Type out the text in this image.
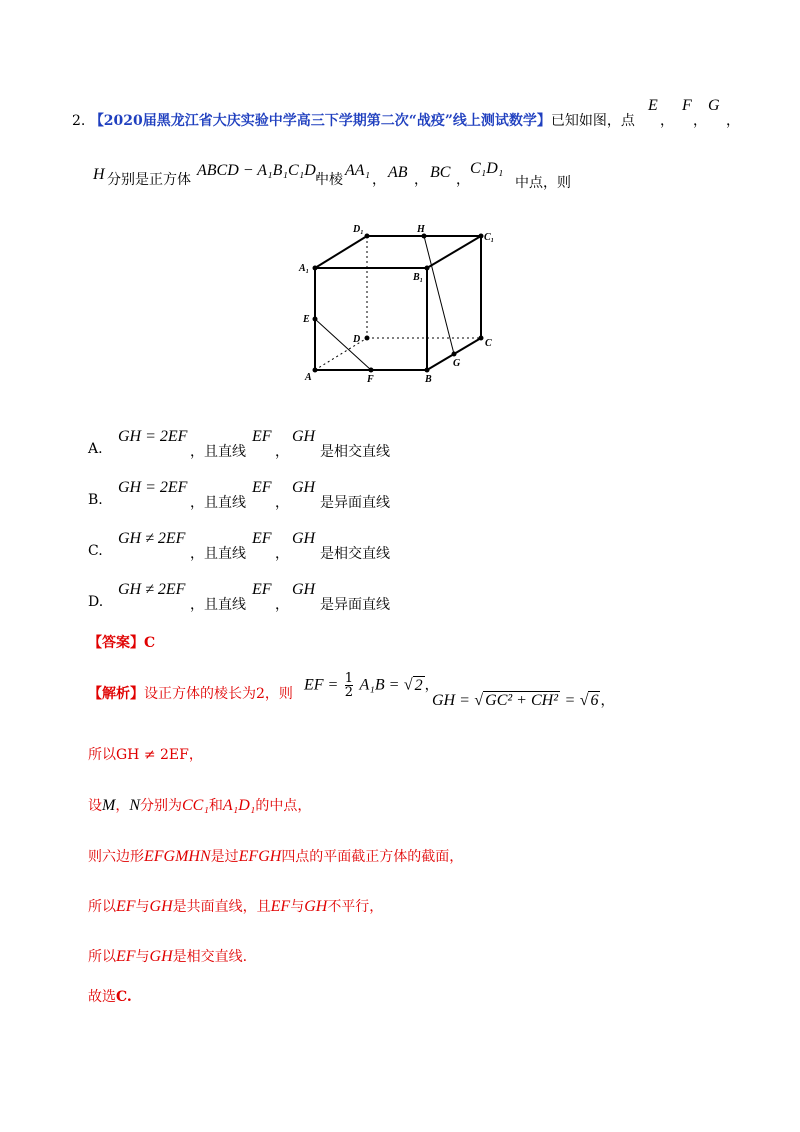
2. 【2020届黑龙江省大庆实验中学高三下学期第二次“战疫”线上测试数学】已知如图，点
E
，
F
，
G
，
H 分别是正方体
ABCD − A₁B₁C₁D₁
中棱
AA₁
， AB ， BC ，
C₁D₁
中点，则
D₁	H
C₁
A₁
B₁
E
D	C
A	F	B
G
A.
GH = 2EF
，且直线
EF
，
GH
是相交直线
B.
GH = 2EF
，且直线
EF
，
GH
是异面直线
C.
GH ≠ 2EF
，且直线
EF
，
GH
是相交直线
D.
GH ≠ 2EF
，且直线
EF
，
GH
是异面直线
【答案】C
【解析】设正方体的棱长为2，则
EF = $\frac{1}{2} A_1B$ = √ 2 ，
GH = √ GC² + CH² = √ 6 ，
所以GH ≠ 2EF，
设M，N分别为CC₁和A₁D₁的中点，
则六边形EFGMHN是过EFGH四点的平面截正方体的截面，
所以EF与GH是共面直线，且EF与GH不平行，
所以EF与GH是相交直线.
故选C.
